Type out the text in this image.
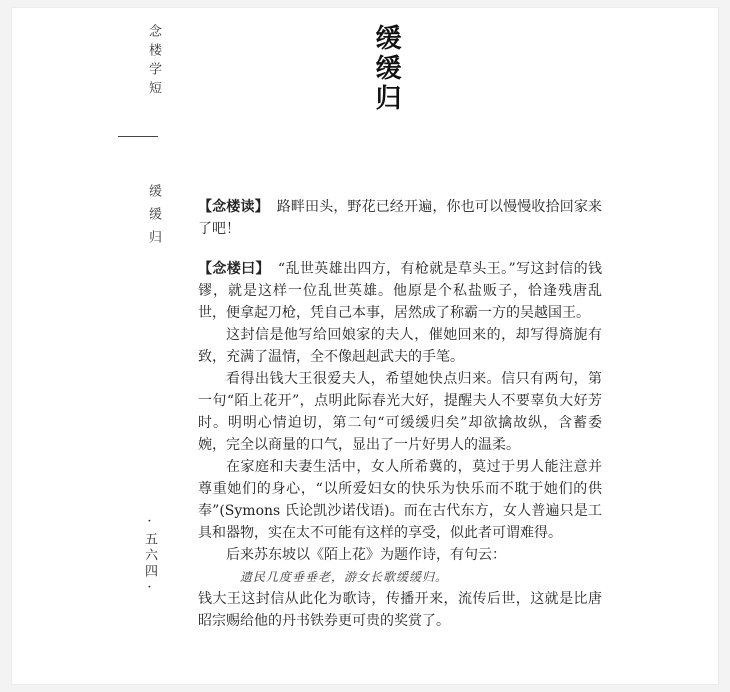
念楼学短
缓缓归
·五六四·
缓缓归

【念楼读】 路畔田头，野花已经开遍，你也可以慢慢收拾回家来了吧！

【念楼曰】 “乱世英雄出四方，有枪就是草头王。”写这封信的钱镠，就是这样一位乱世英雄。他原是个私盐贩子，恰逢残唐乱世，便拿起刀枪，凭自己本事，居然成了称霸一方的吴越国王。

这封信是他写给回娘家的夫人，催她回来的，却写得旖旎有致，充满了温情，全不像赳赳武夫的手笔。

看得出钱大王很爱夫人，希望她快点归来。信只有两句，第一句“陌上花开”，点明此际春光大好，提醒夫人不要辜负大好芳时。明明心情迫切，第二句“可缓缓归矣”却欲擒故纵，含蓄委婉，完全以商量的口气，显出了一片好男人的温柔。

在家庭和夫妻生活中，女人所希冀的，莫过于男人能注意并尊重她们的身心，“以所爱妇女的快乐为快乐而不耽于她们的供奉”(Symons 氏论凯沙诺伐语)。而在古代东方，女人普遍只是工具和器物，实在太不可能有这样的享受，似此者可谓难得。

后来苏东坡以《陌上花》为题作诗，有句云：

遗民几度垂垂老，游女长歌缓缓归。

钱大王这封信从此化为歌诗，传播开来，流传后世，这就是比唐昭宗赐给他的丹书铁券更可贵的奖赏了。
